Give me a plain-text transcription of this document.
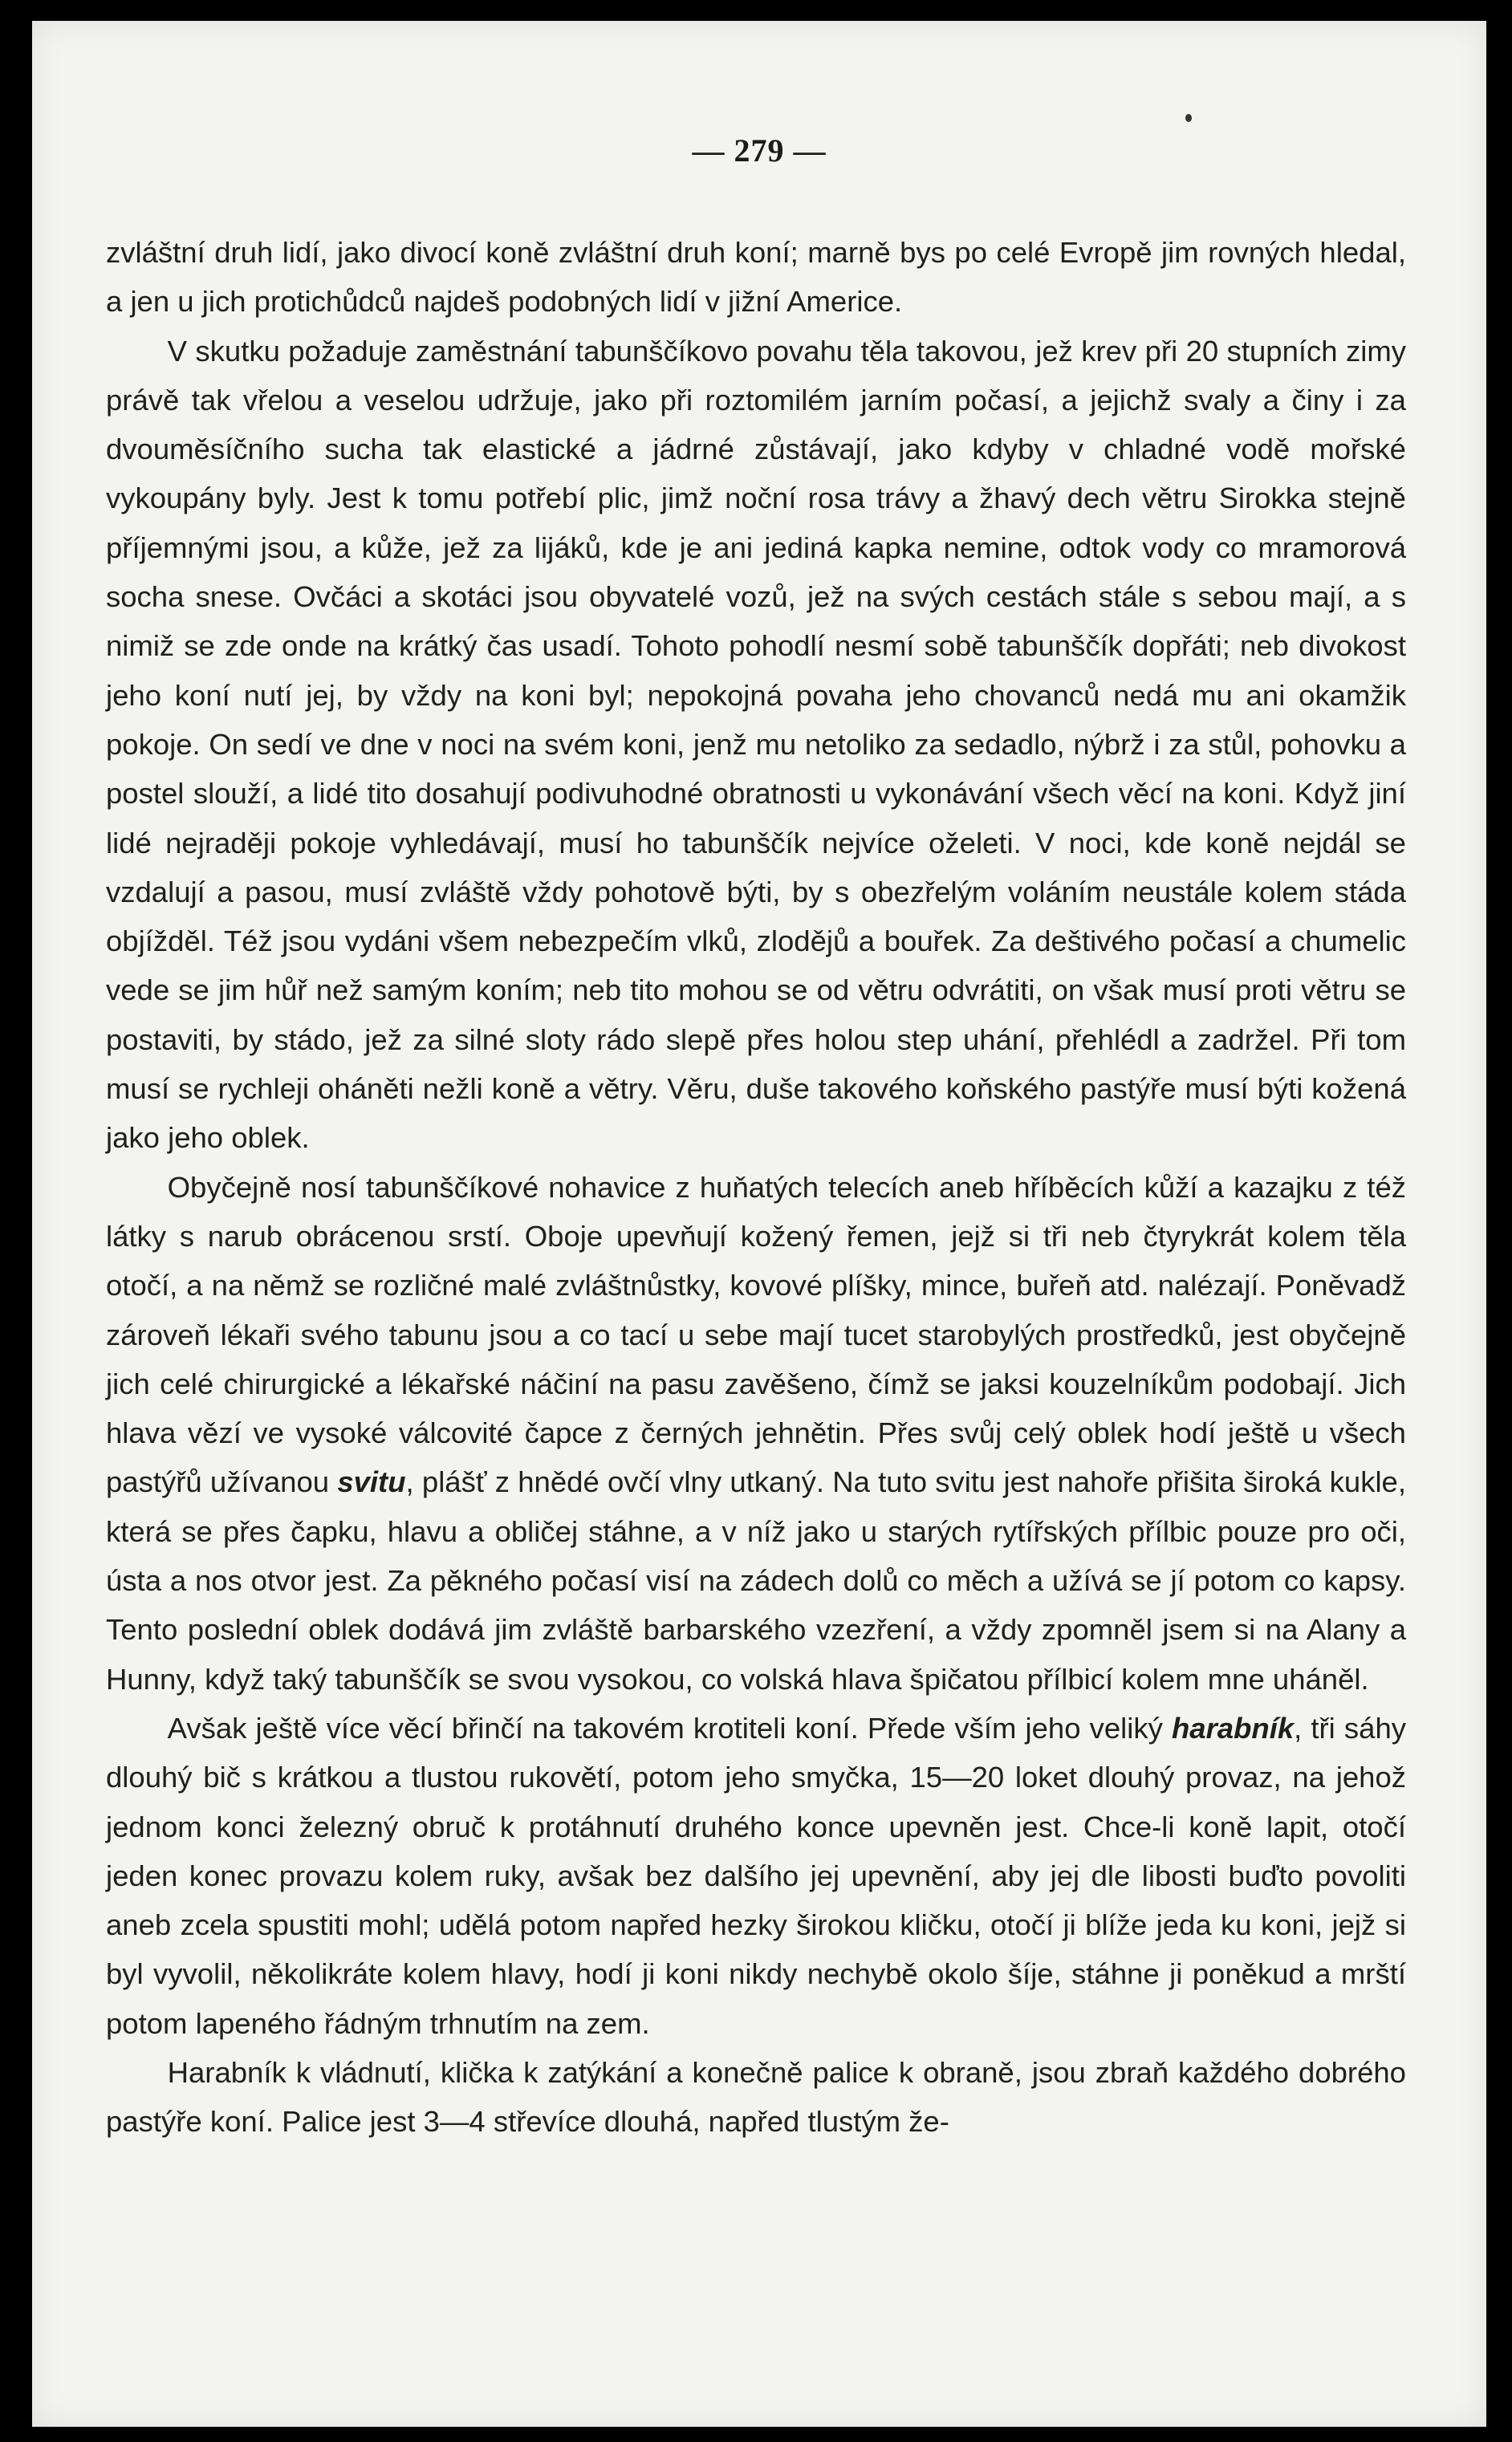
— 279 —

zvláštní druh lidí, jako divocí koně zvláštní druh koní; marně bys po celé Evropě jim rovných hledal, a jen u jich protichůdců najdeš podobných lidí v jižní Americe.

V skutku požaduje zaměstnání tabunščíkovo povahu těla takovou, jež krev při 20 stupních zimy právě tak vřelou a veselou udržuje, jako při roztomilém jarním počasí, a jejichž svaly a činy i za dvouměsíčního sucha tak elastické a jádrné zůstávají, jako kdyby v chladné vodě mořské vykoupány byly. Jest k tomu potřebí plic, jimž noční rosa trávy a žhavý dech větru Sirokka stejně příjemnými jsou, a kůže, jež za lijáků, kde je ani jediná kapka nemine, odtok vody co mramorová socha snese. Ovčáci a skotáci jsou obyvatelé vozů, jež na svých cestách stále s sebou mají, a s nimiž se zde onde na krátký čas usadí. Tohoto pohodlí nesmí sobě tabunščík dopřáti; neb divokost jeho koní nutí jej, by vždy na koni byl; nepokojná povaha jeho chovanců nedá mu ani okamžik pokoje. On sedí ve dne v noci na svém koni, jenž mu netoliko za sedadlo, nýbrž i za stůl, pohovku a postel slouží, a lidé tito dosahují podivuhodné obratnosti u vykonávání všech věcí na koni. Když jiní lidé nejraději pokoje vyhledávají, musí ho tabunščík nejvíce oželeti. V noci, kde koně nejdál se vzdalují a pasou, musí zvláště vždy pohotově býti, by s obezřelým voláním neustále kolem stáda objížděl. Též jsou vydáni všem nebezpečím vlků, zlodějů a bouřek. Za deštivého počasí a chumelic vede se jim hůř než samým koním; neb tito mohou se od větru odvrátiti, on však musí proti větru se postaviti, by stádo, jež za silné sloty rádo slepě přes holou step uhání, přehlédl a zadržel. Při tom musí se rychleji oháněti nežli koně a větry. Věru, duše takového koňského pastýře musí býti kožená jako jeho oblek.

Obyčejně nosí tabunščíkové nohavice z huňatých telecích aneb hříběcích kůží a kazajku z též látky s narub obrácenou srstí. Oboje upevňují kožený řemen, jejž si tři neb čtyrykrát kolem těla otočí, a na němž se rozličné malé zvláštnůstky, kovové plíšky, mince, buřeň atd. nalézají. Poněvadž zároveň lékaři svého tabunu jsou a co tací u sebe mají tucet starobylých prostředků, jest obyčejně jich celé chirurgické a lékařské náčiní na pasu zavěšeno, čímž se jaksi kouzelníkům podobají. Jich hlava vězí ve vysoké válcovité čapce z černých jehnětin. Přes svůj celý oblek hodí ještě u všech pastýřů užívanou svitu, plášť z hnědé ovčí vlny utkaný. Na tuto svitu jest nahoře přišita široká kukle, která se přes čapku, hlavu a obličej stáhne, a v níž jako u starých rytířských přílbic pouze pro oči, ústa a nos otvor jest. Za pěkného počasí visí na zádech dolů co měch a užívá se jí potom co kapsy. Tento poslední oblek dodává jim zvláště barbarského vzezření, a vždy zpomněl jsem si na Alany a Hunny, když taký tabunščík se svou vysokou, co volská hlava špičatou přílbicí kolem mne uháněl.

Avšak ještě více věcí břinčí na takovém krotiteli koní. Přede vším jeho veliký harabník, tři sáhy dlouhý bič s krátkou a tlustou rukovětí, potom jeho smyčka, 15—20 loket dlouhý provaz, na jehož jednom konci železný obruč k protáhnutí druhého konce upevněn jest. Chce-li koně lapit, otočí jeden konec provazu kolem ruky, avšak bez dalšího jej upevnění, aby jej dle libosti buďto povoliti aneb zcela spustiti mohl; udělá potom napřed hezky širokou kličku, otočí ji blíže jeda ku koni, jejž si byl vyvolil, několikráte kolem hlavy, hodí ji koni nikdy nechybě okolo šíje, stáhne ji poněkud a mrští potom lapeného řádným trhnutím na zem.

Harabník k vládnutí, klička k zatýkání a konečně palice k obraně, jsou zbraň každého dobrého pastýře koní. Palice jest 3—4 střevíce dlouhá, napřed tlustým že-
